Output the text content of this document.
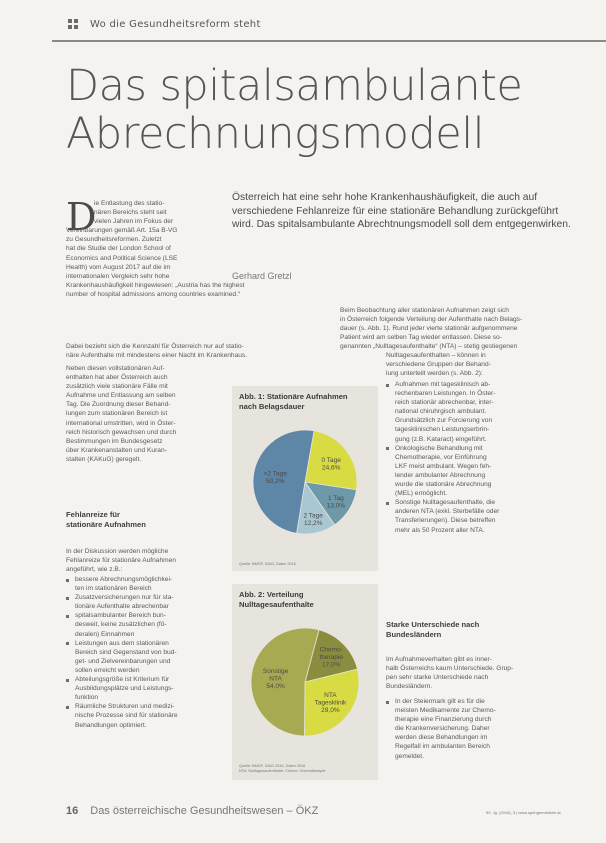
Wo die Gesundheitsreform steht
Das spitalsambulante
Abrechnungsmodell
D
ie Entlastung des statio-
nären Bereichs steht seit
vielen Jahren im Fokus der
Vereinbarungen gemäß Art. 15a B-VG
zu Gesundheitsreformen. Zuletzt
hat die Studie der London School of
Economics and Political Science (LSE
Health) vom August 2017 auf die im
internationalen Vergleich sehr hohe
Krankenhaushäufigkeit hingewiesen: „Austria has the highest
number of hospital admissions among countries examined.“
Österreich hat eine sehr hohe Krankenhaushäufigkeit, die auch auf verschiedene Fehlanreize für eine stationäre Behandlung zurückgeführt wird. Das spitalsambulante Abrechtnungsmodell soll dem entgegenwirken.
Gerhard Gretzl
Beim Beobachtung aller stationären Aufnahmen zeigt sich
in Österreich folgende Verteilung der Aufenthalte nach Belags-
dauer (s. Abb. 1). Rund jeder vierte stationär aufgenommene
Patient wird am selben Tag wieder entlassen. Diese so-
genannten „Nulltagesaufenthalte“ (NTA) – stetig gestiegenen
Dabei bezieht sich die Kennzahl für Österreich nur auf statio-
näre Aufenthalte mit mindestens einer Nacht im Krankenhaus.
Neben diesen vollstationären Auf-
enthalten hat aber Österreich auch
zusätzlich viele stationäre Fälle mit
Aufnahme und Entlassung am selben
Tag. Die Zuordnung dieser Behand-
lungen zum stationären Bereich ist
international umstritten, wird in Öster-
reich historisch gewachsen und durch
Bestimmungen im Bundesgesetz
über Krankenanstalten und Kuran-
stalten (KAKuG) geregelt.
Fehlanreize für
stationäre Aufnahmen
In der Diskussion werden mögliche
Fehlanreize für stationäre Aufnahmen
angeführt, wie z.B.:
bessere Abrechnungsmöglichkei-
ten im stationären Bereich
Zusatzversicherungen nur für sta-
tionäre Aufenthalte abrechenbar
spitalsambulanter Bereich bun-
desweit, keine zusätzlichen (fö-
deralen) Einnahmen
Leistungen aus dem stationären
Bereich sind Gegenstand von bud-
get- und Zielvereinbarungen und
sollen erreicht werden
Abteilungsgröße ist Kriterium für
Ausbildungsplätze und Leistungs-
funktion
Räumliche Strukturen und medizi-
nische Prozesse sind für stationäre
Behandlungen optimiert.
Abb. 1: Stationäre Aufnahmen
nach Belagsdauer
0 Tage
24,6%
1 Tag
13,0%
2 Tage
12,2%
>2 Tage
50,2%
Quelle: BMGF, DIAG, Daten 2016
Abb. 2: Verteilung
Nulltagesaufenthalte
Chemo-
therapie
17,0%
NTA
Tagesklinik
29,0%
Sonstige
NTA
54,0%
Quelle: BMGF, DIAG 2016, Daten 2016
NTA: Nulltagesaufenthalte; Chemo: Chemotherapie
Nulltagesaufenthalten – können in
verschiedene Gruppen der Behand-
lung unterteilt werden (s. Abb. 2):
Aufnahmen mit tagesklinisch ab-
rechenbaren Leistungen. In Öster-
reich stationär abrechenbar, inter-
national chiruhrgisch ambulant.
Grundsätzlich zur Forcierung von
tagesklinischen Leistungserbrin-
gung (z.B. Kataract) eingeführt.
Onkologische Behandlung mit
Chemotherapie, vor Einführung
LKF meist ambulant. Wegen feh-
lender ambulanter Abrechnung
wurde die stationäre Abrechnung
(MEL) ermöglicht.
Sonstige Nulltagesaufenthalte, die
anderen NTA (exkl. Sterbefälle oder
Transferierungen). Diese betreffen
mehr als 50 Prozent aller NTA.
Starke Unterschiede nach
Bundesländern
Im Aufnahmeverhalten gibt es inner-
halb Österreichs kaum Unterschiede. Grup-
pen sehr starke Unterschiede nach
Bundesländern.
In der Steiermark gilt es für die
meisten Medikamente zur Chemo-
therapie eine Finanzierung durch
die Krankenversicherung. Daher
werden diese Behandlungen im
Regelfall im ambulanten Bereich
gemeldet.
16 Das österreichische Gesundheitswesen – ÖKZ	59. Jg. (2018), 3 | www.springermedizin.at
